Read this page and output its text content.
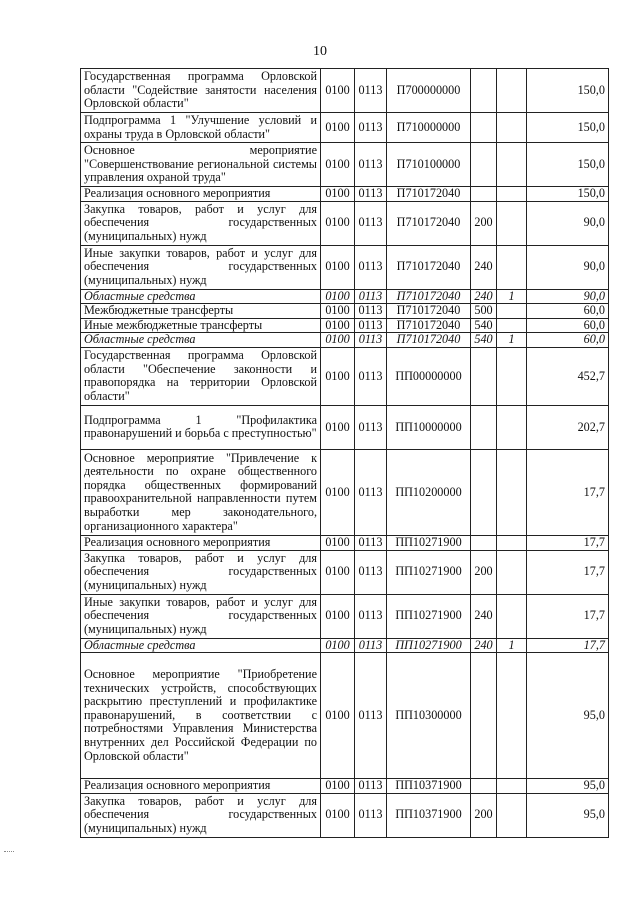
10
Государственная программа Орловской области "Содействие занятости населения Орловской области"	0100	0113	П700000000			150,0
Подпрограмма 1 "Улучшение условий и охраны труда в Орловской области"	0100	0113	П710000000			150,0
Основное мероприятие "Совершенствование региональной системы управления охраной труда"	0100	0113	П710100000			150,0
Реализация основного мероприятия	0100	0113	П710172040			150,0
Закупка товаров, работ и услуг для обеспечения государственных (муниципальных) нужд	0100	0113	П710172040	200		90,0
Иные закупки товаров, работ и услуг для обеспечения государственных (муниципальных) нужд	0100	0113	П710172040	240		90,0
Областные средства	0100	0113	П710172040	240	1	90,0
Межбюджетные трансферты	0100	0113	П710172040	500		60,0
Иные межбюджетные трансферты	0100	0113	П710172040	540		60,0
Областные средства	0100	0113	П710172040	540	1	60,0
Государственная программа Орловской области "Обеспечение законности и правопорядка на территории Орловской области"	0100	0113	ПП00000000			452,7
Подпрограмма 1 "Профилактика правонарушений и борьба с преступностью"	0100	0113	ПП10000000			202,7
Основное мероприятие "Привлечение к деятельности по охране общественного порядка общественных формирований правоохранительной направленности путем выработки мер законодательного, организационного характера"	0100	0113	ПП10200000			17,7
Реализация основного мероприятия	0100	0113	ПП10271900			17,7
Закупка товаров, работ и услуг для обеспечения государственных (муниципальных) нужд	0100	0113	ПП10271900	200		17,7
Иные закупки товаров, работ и услуг для обеспечения государственных (муниципальных) нужд	0100	0113	ПП10271900	240		17,7
Областные средства	0100	0113	ПП10271900	240	1	17,7
Основное мероприятие "Приобретение технических устройств, способствующих раскрытию преступлений и профилактике правонарушений, в соответствии с потребностями Управления Министерства внутренних дел Российской Федерации по Орловской области"	0100	0113	ПП10300000			95,0
Реализация основного мероприятия	0100	0113	ПП10371900			95,0
Закупка товаров, работ и услуг для обеспечения государственных (муниципальных) нужд	0100	0113	ПП10371900	200		95,0
